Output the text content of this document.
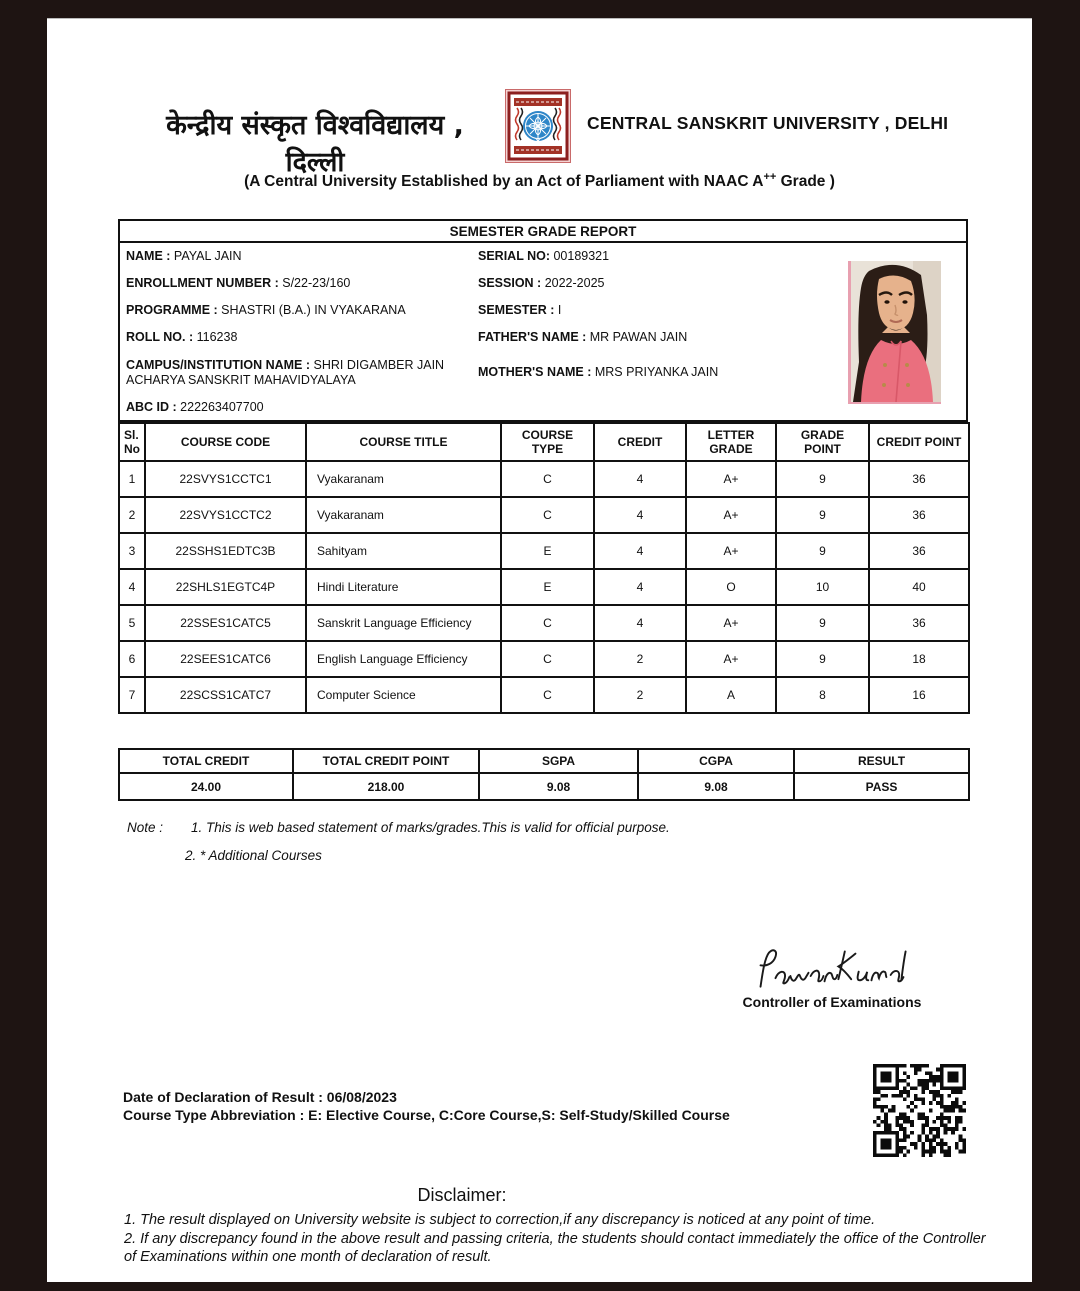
केन्द्रीय संस्कृत विश्वविद्यालय , दिल्ली
CENTRAL SANSKRIT UNIVERSITY , DELHI
(A Central University Established by an Act of Parliament with NAAC A++ Grade )
SEMESTER GRADE REPORT
NAME : PAYAL JAIN
ENROLLMENT NUMBER : S/22-23/160
PROGRAMME : SHASTRI (B.A.) IN VYAKARANA
ROLL NO. : 116238
CAMPUS/INSTITUTION NAME : SHRI DIGAMBER JAIN ACHARYA SANSKRIT MAHAVIDYALAYA
ABC ID : 222263407700
SERIAL NO: 00189321
SESSION : 2022-2025
SEMESTER : I
FATHER'S NAME : MR PAWAN JAIN
MOTHER'S NAME : MRS PRIYANKA JAIN
Sl. No	COURSE CODE	COURSE TITLE	COURSE TYPE	CREDIT	LETTER GRADE	GRADE POINT	CREDIT POINT
1	22SVYS1CCTC1	Vyakaranam	C	4	A+	9	36
2	22SVYS1CCTC2	Vyakaranam	C	4	A+	9	36
3	22SSHS1EDTC3B	Sahityam	E	4	A+	9	36
4	22SHLS1EGTC4P	Hindi Literature	E	4	O	10	40
5	22SSES1CATC5	Sanskrit Language Efficiency	C	4	A+	9	36
6	22SEES1CATC6	English Language Efficiency	C	2	A+	9	18
7	22SCSS1CATC7	Computer Science	C	2	A	8	16
TOTAL CREDIT	TOTAL CREDIT POINT	SGPA	CGPA	RESULT
24.00	218.00	9.08	9.08	PASS
Note : 1. This is web based statement of marks/grades.This is valid for official purpose.
2. * Additional Courses
Controller of Examinations
Date of Declaration of Result : 06/08/2023
Course Type Abbreviation : E: Elective Course, C:Core Course,S: Self-Study/Skilled Course
Disclaimer:
1. The result displayed on University website is subject to correction,if any discrepancy is noticed at any point of time.
2. If any discrepancy found in the above result and passing criteria, the students should contact immediately the office of the Controller of Examinations within one month of declaration of result.
